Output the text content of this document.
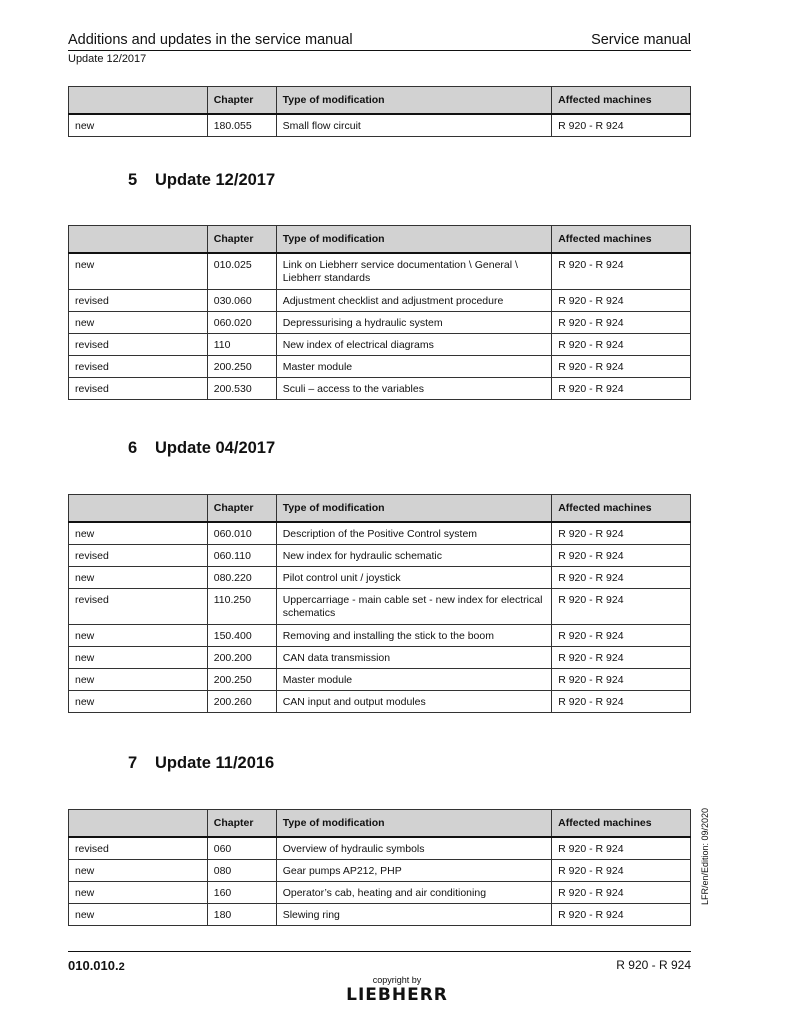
Additions and updates in the service manual	Service manual
Update 12/2017
	Chapter	Type of modification	Affected machines
new	180.055	Small flow circuit	R 920 - R 924
5 Update 12/2017
	Chapter	Type of modification	Affected machines
new	010.025	Link on Liebherr service documentation \ General \ Liebherr standards	R 920 - R 924
revised	030.060	Adjustment checklist and adjustment procedure	R 920 - R 924
new	060.020	Depressurising a hydraulic system	R 920 - R 924
revised	110	New index of electrical diagrams	R 920 - R 924
revised	200.250	Master module	R 920 - R 924
revised	200.530	Sculi – access to the variables	R 920 - R 924
6 Update 04/2017
	Chapter	Type of modification	Affected machines
new	060.010	Description of the Positive Control system	R 920 - R 924
revised	060.110	New index for hydraulic schematic	R 920 - R 924
new	080.220	Pilot control unit / joystick	R 920 - R 924
revised	110.250	Uppercarriage - main cable set - new index for electrical schematics	R 920 - R 924
new	150.400	Removing and installing the stick to the boom	R 920 - R 924
new	200.200	CAN data transmission	R 920 - R 924
new	200.250	Master module	R 920 - R 924
new	200.260	CAN input and output modules	R 920 - R 924
7 Update 11/2016
	Chapter	Type of modification	Affected machines
revised	060	Overview of hydraulic symbols	R 920 - R 924
new	080	Gear pumps AP212, PHP	R 920 - R 924
new	160	Operator’s cab, heating and air conditioning	R 920 - R 924
new	180	Slewing ring	R 920 - R 924
LFR/en/Edition: 09/2020
010.010.2	R 920 - R 924
copyright by
LIEBHERR
